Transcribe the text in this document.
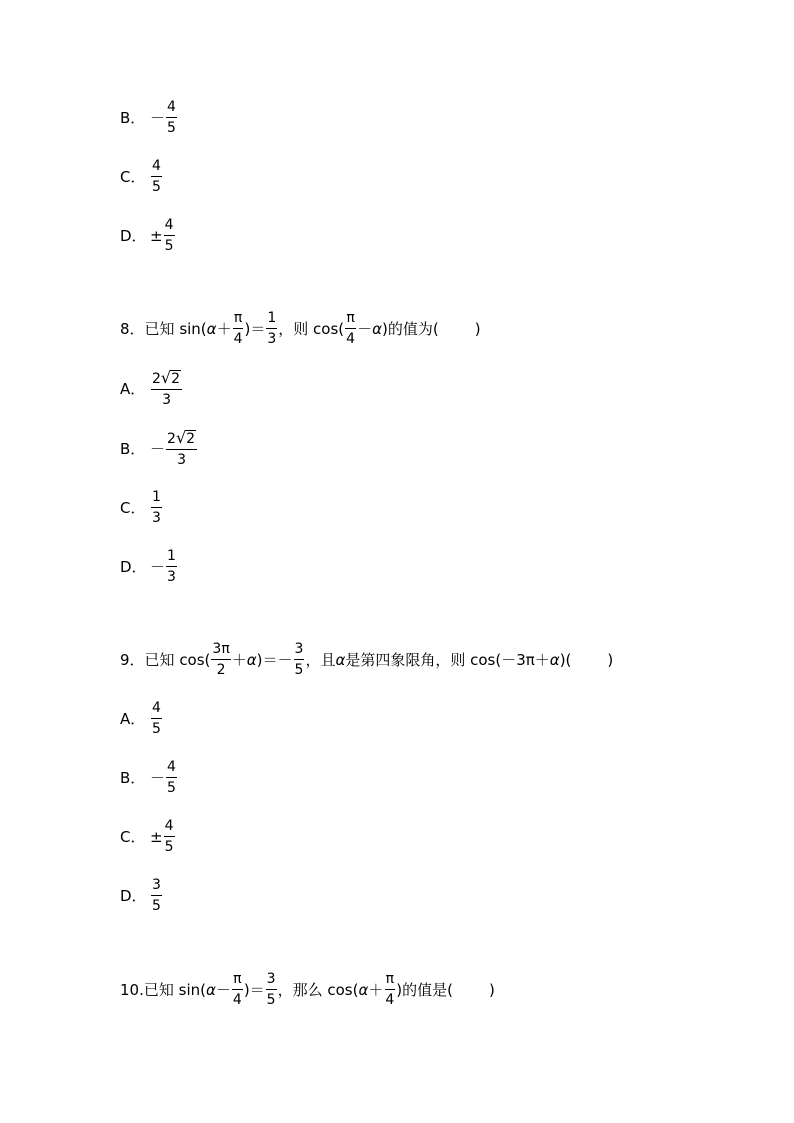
B． － $\frac{4}{5}$
C． $\frac{4}{5}$
D． ± $\frac{4}{5}$
8． 已知 sin( $\alpha + \frac{\pi}{4}$ )＝ $\frac{1}{3}$ ，则 $\cos( \frac{\pi}{4} - \alpha$ )的值为( )
A． $\frac{2 √ 2}{3}$
B． － $\frac{2 √ 2}{3}$
C． $\frac{1}{3}$
D． － $\frac{1}{3}$
9． 已知 $\cos( \frac{3\pi}{2} + \alpha$ )＝－ $\frac{3}{5}$ ，且 α 是第四象限角，则 cos(－3π＋ α )( )
A． $\frac{4}{5}$
B． － $\frac{4}{5}$
C． ± $\frac{4}{5}$
D． $\frac{3}{5}$
10. 已知 sin( $\alpha - \frac{\pi}{4}$ )＝ $\frac{3}{5}$ ，那么 cos( $\alpha + \frac{\pi}{4}$ )的值是( )
